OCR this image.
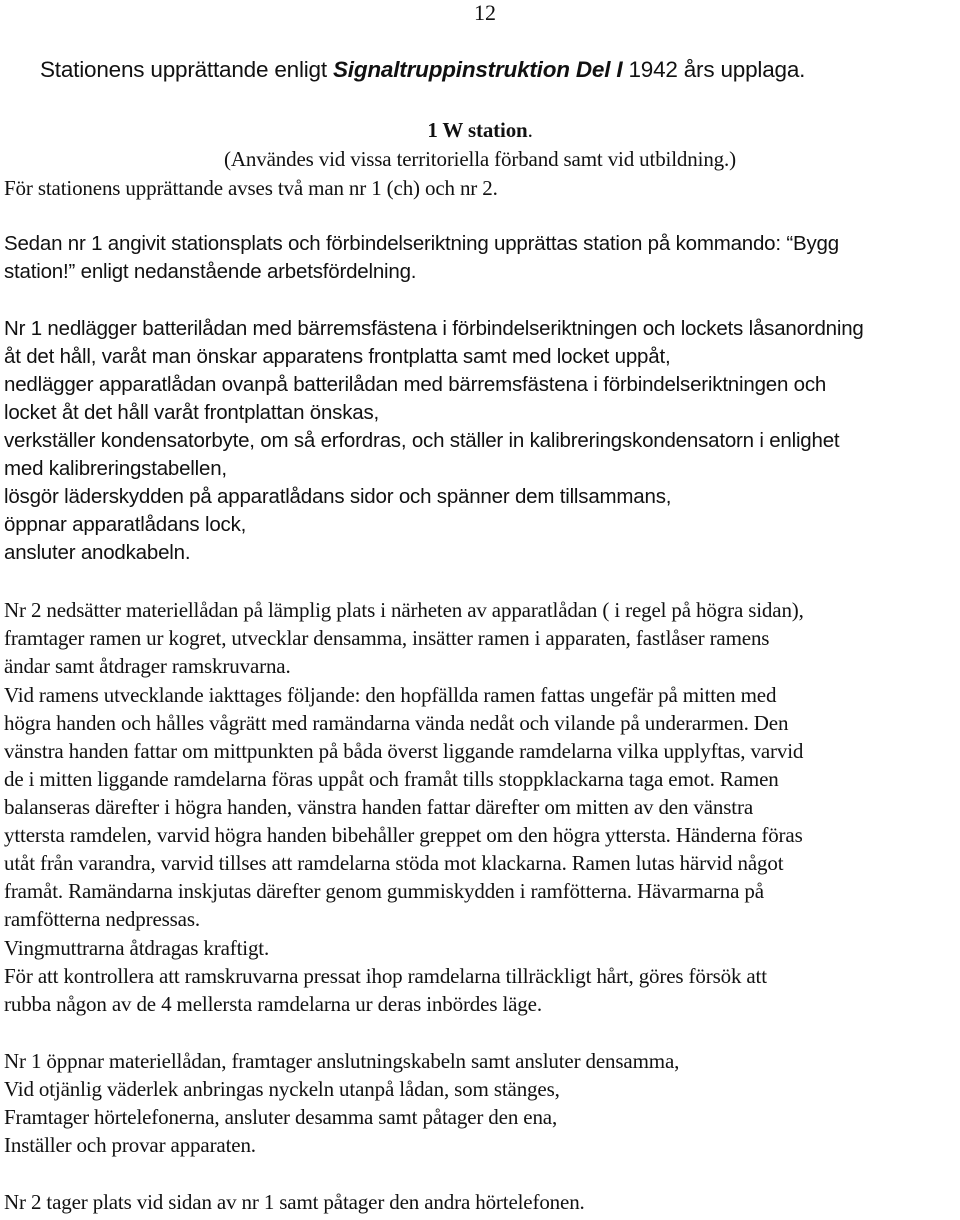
12
Stationens upprättande enligt Signaltruppinstruktion Del I 1942 års upplaga.
1 W station.
(Användes vid vissa territoriella förband samt vid utbildning.)
För stationens upprättande avses två man nr 1 (ch) och nr 2.
Sedan nr 1 angivit stationsplats och förbindelseriktning upprättas station på kommando: “Bygg
station!” enligt nedanstående arbetsfördelning.
Nr 1 nedlägger batterilådan med bärremsfästena i förbindelseriktningen och lockets låsanordning
åt det håll, varåt man önskar apparatens frontplatta samt med locket uppåt,
nedlägger apparatlådan ovanpå batterilådan med bärremsfästena i förbindelseriktningen och
locket åt det håll varåt frontplattan önskas,
verkställer kondensatorbyte, om så erfordras, och ställer in kalibreringskondensatorn i enlighet
med kalibreringstabellen,
lösgör läderskydden på apparatlådans sidor och spänner dem tillsammans,
öppnar apparatlådans lock,
ansluter anodkabeln.
Nr 2 nedsätter materiellådan på lämplig plats i närheten av apparatlådan ( i regel på högra sidan),
framtager ramen ur kogret, utvecklar densamma, insätter ramen i apparaten, fastlåser ramens
ändar samt åtdrager ramskruvarna.
Vid ramens utvecklande iakttages följande: den hopfällda ramen fattas ungefär på mitten med
högra handen och hålles vågrätt med ramändarna vända nedåt och vilande på underarmen. Den
vänstra handen fattar om mittpunkten på båda överst liggande ramdelarna vilka upplyftas, varvid
de i mitten liggande ramdelarna föras uppåt och framåt tills stoppklackarna taga emot. Ramen
balanseras därefter i högra handen, vänstra handen fattar därefter om mitten av den vänstra
yttersta ramdelen, varvid högra handen bibehåller greppet om den högra yttersta. Händerna föras
utåt från varandra, varvid tillses att ramdelarna stöda mot klackarna. Ramen lutas härvid något
framåt. Ramändarna inskjutas därefter genom gummiskydden i ramfötterna. Hävarmarna på
ramfötterna nedpressas.
Vingmuttrarna åtdragas kraftigt.
För att kontrollera att ramskruvarna pressat ihop ramdelarna tillräckligt hårt, göres försök att
rubba någon av de 4 mellersta ramdelarna ur deras inbördes läge.
Nr 1 öppnar materiellådan, framtager anslutningskabeln samt ansluter densamma,
Vid otjänlig väderlek anbringas nyckeln utanpå lådan, som stänges,
Framtager hörtelefonerna, ansluter desamma samt påtager den ena,
Inställer och provar apparaten.
Nr 2 tager plats vid sidan av nr 1 samt påtager den andra hörtelefonen.
